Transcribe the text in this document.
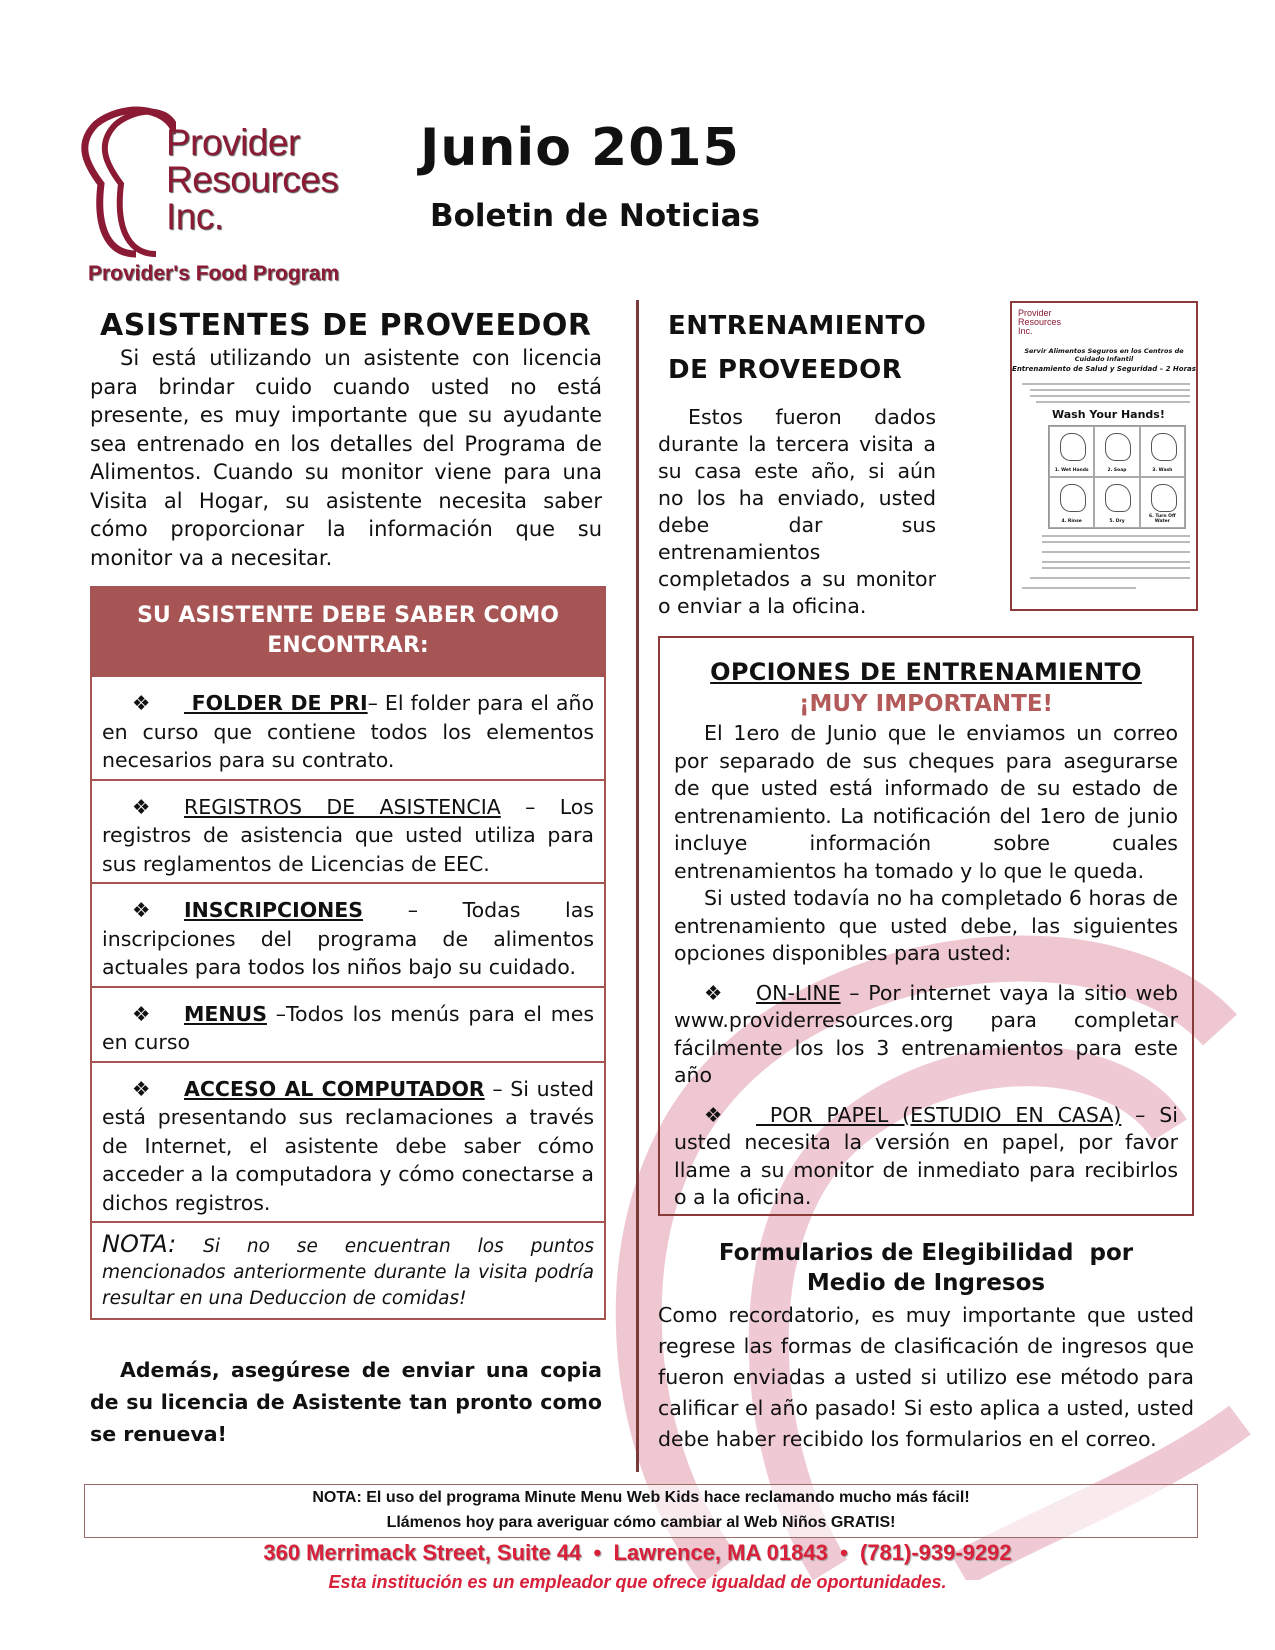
Provider
Resources
Inc.
Provider's Food Program
Junio 2015
Boletin de Noticias
ASISTENTES DE PROVEEDOR
Si está utilizando un asistente con licencia para brindar cuido cuando usted no está presente, es muy importante que su ayudante sea entrenado en los detalles del Programa de Alimentos. Cuando su monitor viene para una Visita al Hogar, su asistente necesita saber cómo proporcionar la información que su monitor va a necesitar.
SU ASISTENTE DEBE SABER COMO ENCONTRAR:
❖ FOLDER DE PRI– El folder para el año en curso que contiene todos los elementos necesarios para su contrato.
❖ REGISTROS DE ASISTENCIA – Los registros de asistencia que usted utiliza para sus reglamentos de Licencias de EEC.
❖ INSCRIPCIONES – Todas las inscripciones del programa de alimentos actuales para todos los niños bajo su cuidado.
❖ MENUS –Todos los menús para el mes en curso
❖ ACCESO AL COMPUTADOR – Si usted está presentando sus reclamaciones a través de Internet, el asistente debe saber cómo acceder a la computadora y cómo conectarse a dichos registros.
NOTA: Si no se encuentran los puntos mencionados anteriormente durante la visita podría resultar en una Deduccion de comidas!
Además, asegúrese de enviar una copia de su licencia de Asistente tan pronto como se renueva!
ENTRENAMIENTO
DE PROVEEDOR
Estos fueron dados durante la tercera visita a su casa este año, si aún no los ha enviado, usted debe dar sus entrenamientos completados a su monitor o enviar a la oficina.
Provider
Resources
Inc.
Servir Alimentos Seguros en los Centros de Cuidado Infantil
Entrenamiento de Salud y Seguridad – 2 Horas
Wash Your Hands!
1. Wet Hands	2. Soap	3. Wash
4. Rinse	5. Dry
6. Turn Off Water
OPCIONES DE ENTRENAMIENTO
¡MUY IMPORTANTE!
El 1ero de Junio que le enviamos un correo por separado de sus cheques para asegurarse de que usted está informado de su estado de entrenamiento. La notificación del 1ero de junio incluye información sobre cuales entrenamientos ha tomado y lo que le queda.
Si usted todavía no ha completado 6 horas de entrenamiento que usted debe, las siguientes opciones disponibles para usted:
❖ ON-LINE – Por internet vaya la sitio web www.providerresources.org para completar fácilmente los los 3 entrenamientos para este año
❖ POR PAPEL (ESTUDIO EN CASA) – Si usted necesita la versión en papel, por favor llame a su monitor de inmediato para recibirlos o a la oficina.
Formularios de Elegibilidad  por
Medio de Ingresos
Como recordatorio, es muy importante que usted regrese las formas de clasificación de ingresos que fueron enviadas a usted si utilizo ese método para calificar el año pasado! Si esto aplica a usted, usted debe haber recibido los formularios en el correo.
NOTA: El uso del programa Minute Menu Web Kids hace reclamando mucho más fácil!
Llámenos hoy para averiguar cómo cambiar al Web Niños GRATIS!
360 Merrimack Street, Suite 44  •  Lawrence, MA 01843  •  (781)-939-9292
Esta institución es un empleador que ofrece igualdad de oportunidades.
